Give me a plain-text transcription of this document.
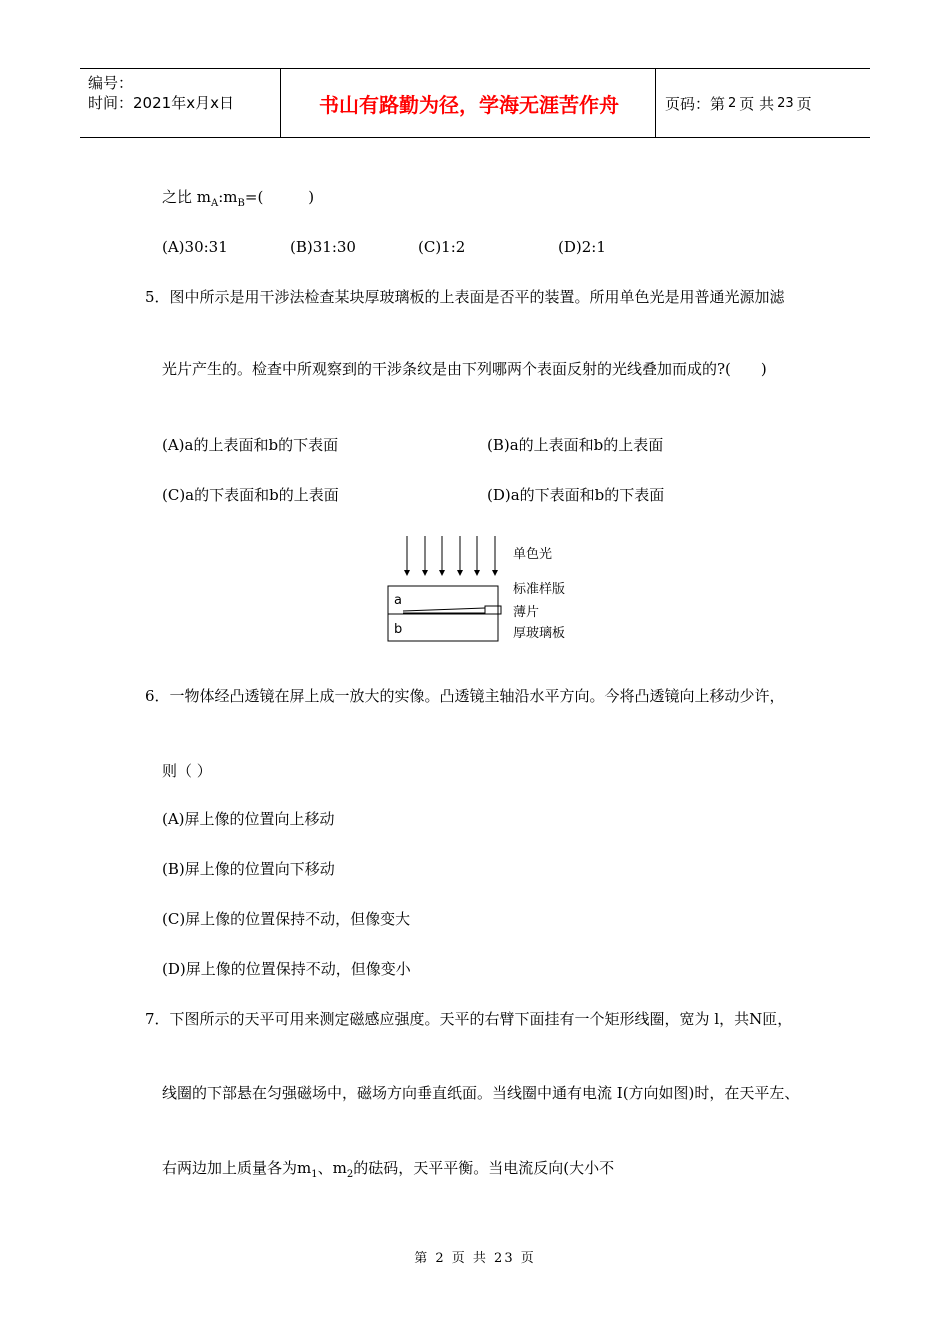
编号：
时间：2021年x月x日	书山有路勤为径，学海无涯苦作舟	页码：第 2 页 共 23 页
之比 $m_A:m_B=$(　　　)
(A)30:31	(B)31:30	(C)1:2	(D)2:1
5．图中所示是用干涉法检查某块厚玻璃板的上表面是否平的装置。所用单色光是用普通光源加滤
光片产生的。检查中所观察到的干涉条纹是由下列哪两个表面反射的光线叠加而成的?(　　)
(A)a的上表面和b的下表面	(B)a的上表面和b的上表面
(C)a的下表面和b的上表面	(D)a的下表面和b的下表面
a
b
单色光
标准样版
薄片
厚玻璃板
6．一物体经凸透镜在屏上成一放大的实像。凸透镜主轴沿水平方向。今将凸透镜向上移动少许，
则（ ）
(A)屏上像的位置向上移动
(B)屏上像的位置向下移动
(C)屏上像的位置保持不动，但像变大
(D)屏上像的位置保持不动，但像变小
7．下图所示的天平可用来测定磁感应强度。天平的右臂下面挂有一个矩形线圈，宽为 l，共N匝，
线圈的下部悬在匀强磁场中，磁场方向垂直纸面。当线圈中通有电流 I(方向如图)时，在天平左、
右两边加上质量各为$m_1$、$m_2$的砝码，天平平衡。当电流反向(大小不
第 2 页 共 23 页
